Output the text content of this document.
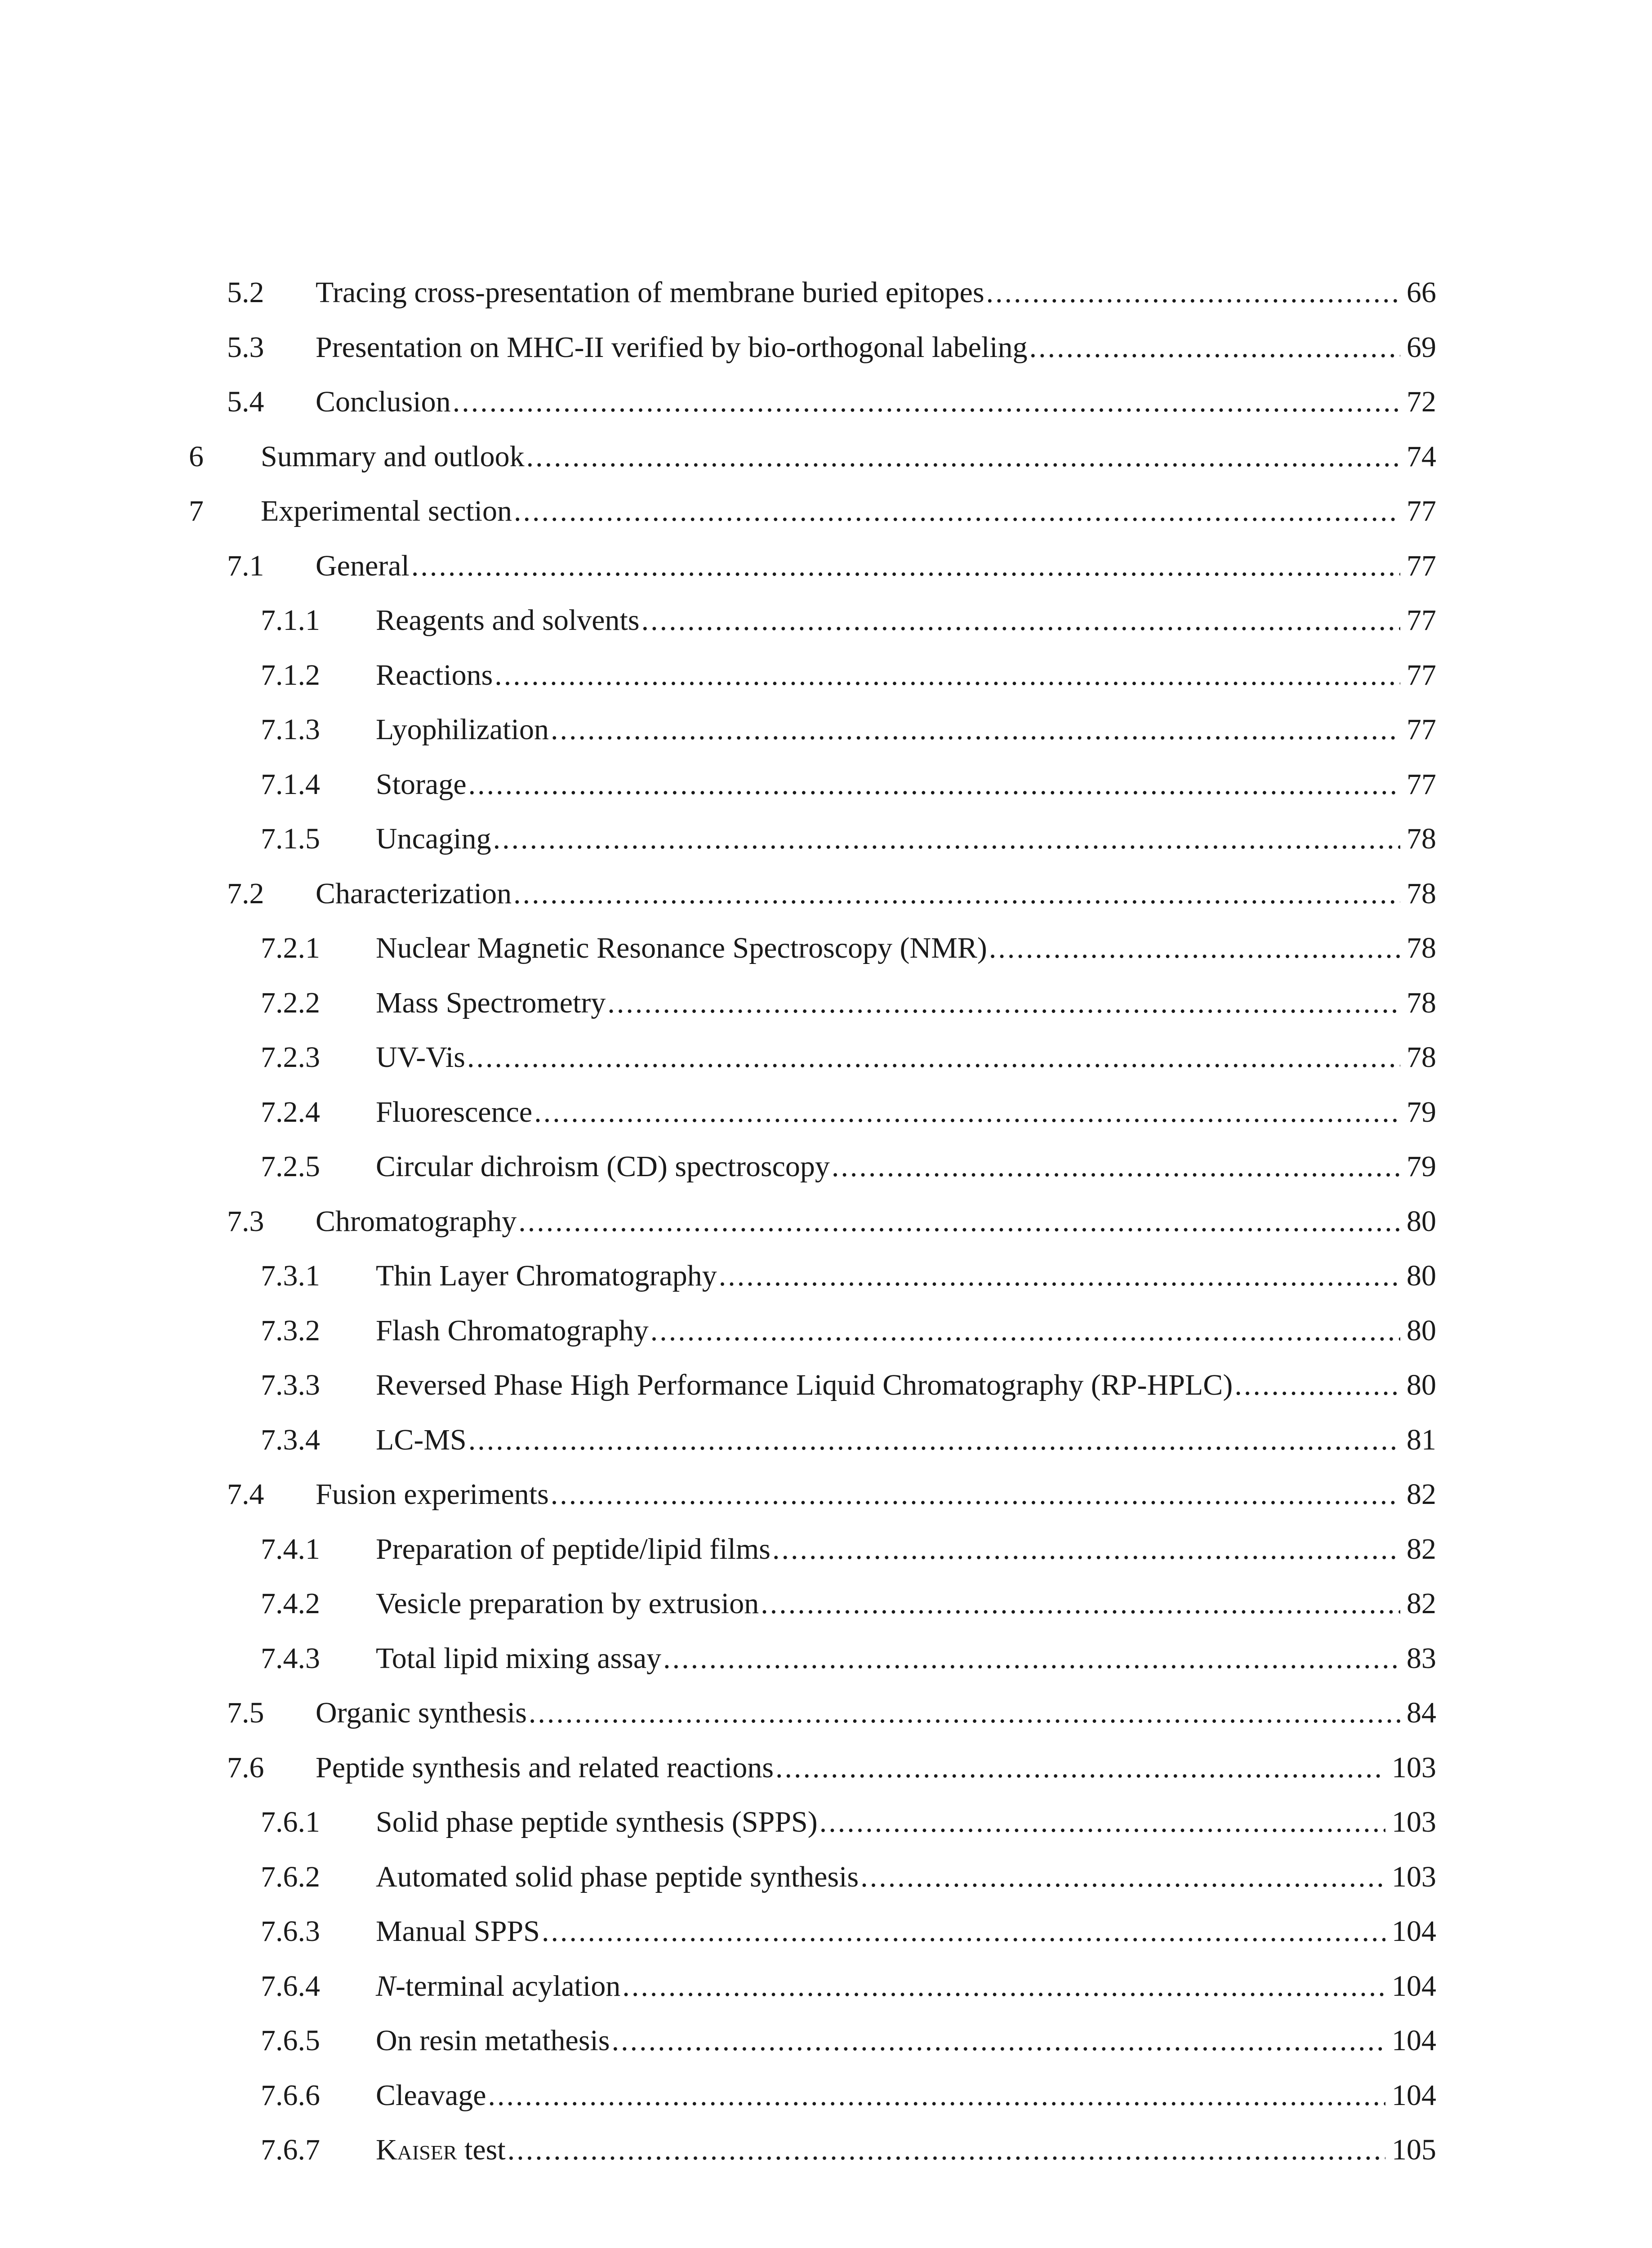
5.2 Tracing cross-presentation of membrane buried epitopes .....	66
5.3 Presentation on MHC-II verified by bio-orthogonal labeling .....	69
5.4 Conclusion .....	72
6 Summary and outlook .....	74
7 Experimental section .....	77
7.1 General .....	77
7.1.1 Reagents and solvents .....	77
7.1.2 Reactions .....	77
7.1.3 Lyophilization .....	77
7.1.4 Storage .....	77
7.1.5 Uncaging .....	78
7.2 Characterization .....	78
7.2.1 Nuclear Magnetic Resonance Spectroscopy (NMR) .....	78
7.2.2 Mass Spectrometry .....	78
7.2.3 UV-Vis .....	78
7.2.4 Fluorescence .....	79
7.2.5 Circular dichroism (CD) spectroscopy .....	79
7.3 Chromatography .....	80
7.3.1 Thin Layer Chromatography .....	80
7.3.2 Flash Chromatography .....	80
7.3.3 Reversed Phase High Performance Liquid Chromatography (RP-HPLC) .....	80
7.3.4 LC-MS .....	81
7.4 Fusion experiments .....	82
7.4.1 Preparation of peptide/lipid films .....	82
7.4.2 Vesicle preparation by extrusion .....	82
7.4.3 Total lipid mixing assay .....	83
7.5 Organic synthesis .....	84
7.6 Peptide synthesis and related reactions .....	103
7.6.1 Solid phase peptide synthesis (SPPS) .....	103
7.6.2 Automated solid phase peptide synthesis .....	103
7.6.3 Manual SPPS .....	104
7.6.4 N-terminal acylation .....	104
7.6.5 On resin metathesis .....	104
7.6.6 Cleavage .....	104
7.6.7 Kaiser test .....	105
